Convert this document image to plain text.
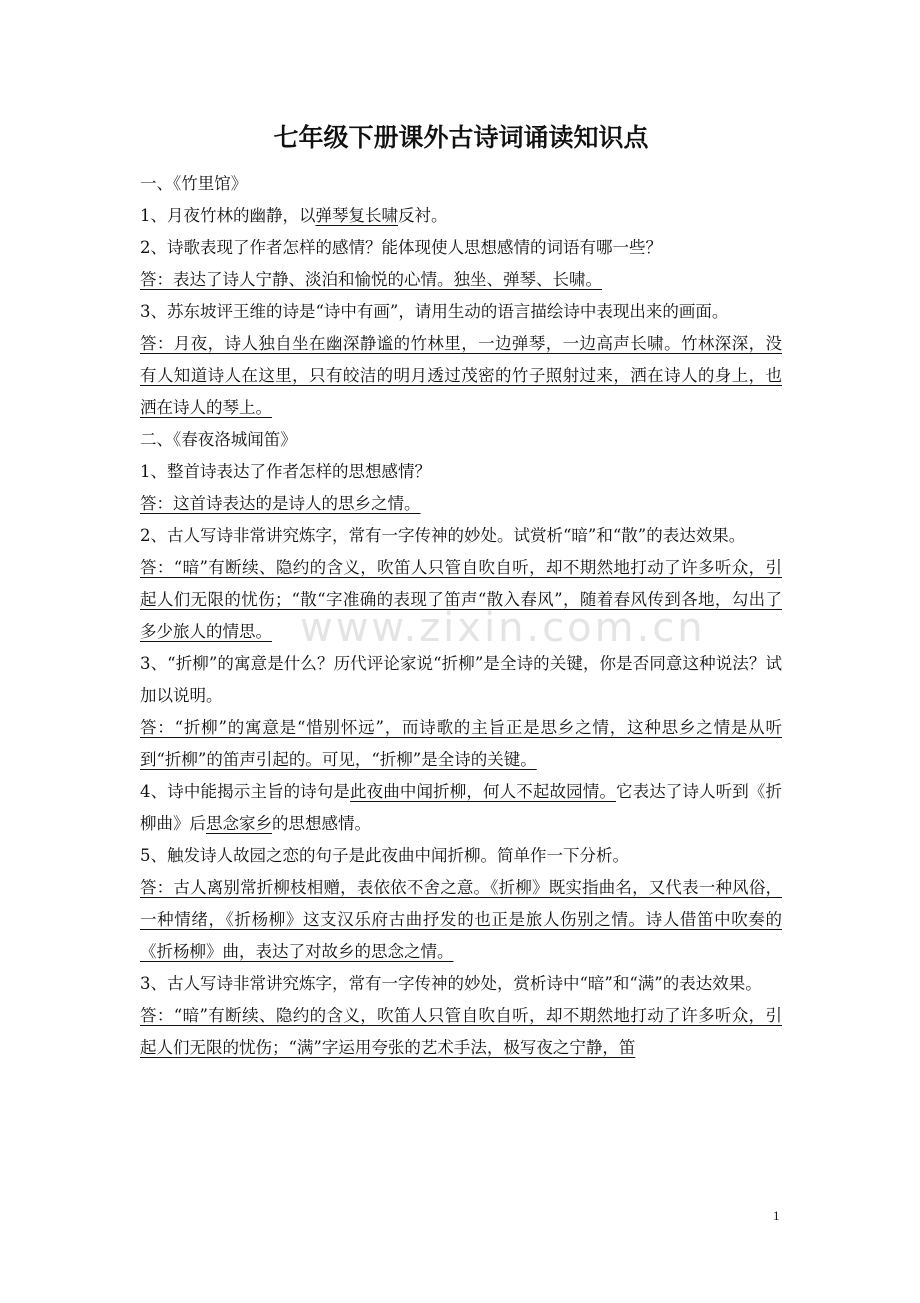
www.zixin.com.cn
七年级下册课外古诗词诵读知识点

一、《竹里馆》

1、月夜竹林的幽静，以弹琴复长啸反衬。

2、诗歌表现了作者怎样的感情？能体现使人思想感情的词语有哪一些？

答：表达了诗人宁静、淡泊和愉悦的心情。独坐、弹琴、长啸。

3、苏东坡评王维的诗是“诗中有画”，请用生动的语言描绘诗中表现出来的画面。

答：月夜，诗人独自坐在幽深静谧的竹林里，一边弹琴，一边高声长啸。竹林深深，没有人知道诗人在这里，只有皎洁的明月透过茂密的竹子照射过来，洒在诗人的身上，也洒在诗人的琴上。

二、《春夜洛城闻笛》

1、整首诗表达了作者怎样的思想感情？

答：这首诗表达的是诗人的思乡之情。

2、古人写诗非常讲究炼字，常有一字传神的妙处。试赏析“暗”和“散”的表达效果。

答：“暗”有断续、隐约的含义，吹笛人只管自吹自听，却不期然地打动了许多听众，引起人们无限的忧伤；“散“字准确的表现了笛声“散入春风”，随着春风传到各地，勾出了多少旅人的情思。

3、“折柳”的寓意是什么？历代评论家说“折柳”是全诗的关键，你是否同意这种说法？试加以说明。

答：“折柳”的寓意是“惜别怀远”，而诗歌的主旨正是思乡之情，这种思乡之情是从听到“折柳”的笛声引起的。可见，“折柳”是全诗的关键。

4、诗中能揭示主旨的诗句是此夜曲中闻折柳，何人不起故园情。它表达了诗人听到《折柳曲》后思念家乡的思想感情。

5、触发诗人故园之恋的句子是此夜曲中闻折柳。简单作一下分析。

答：古人离别常折柳枝相赠，表依依不舍之意。《折柳》既实指曲名，又代表一种风俗，一种情绪，《折杨柳》这支汉乐府古曲抒发的也正是旅人伤别之情。诗人借笛中吹奏的《折杨柳》曲，表达了对故乡的思念之情。

3、古人写诗非常讲究炼字，常有一字传神的妙处，赏析诗中“暗”和“满”的表达效果。

答：“暗”有断续、隐约的含义，吹笛人只管自吹自听，却不期然地打动了许多听众，引起人们无限的忧伤；“满”字运用夸张的艺术手法，极写夜之宁静，笛

1
